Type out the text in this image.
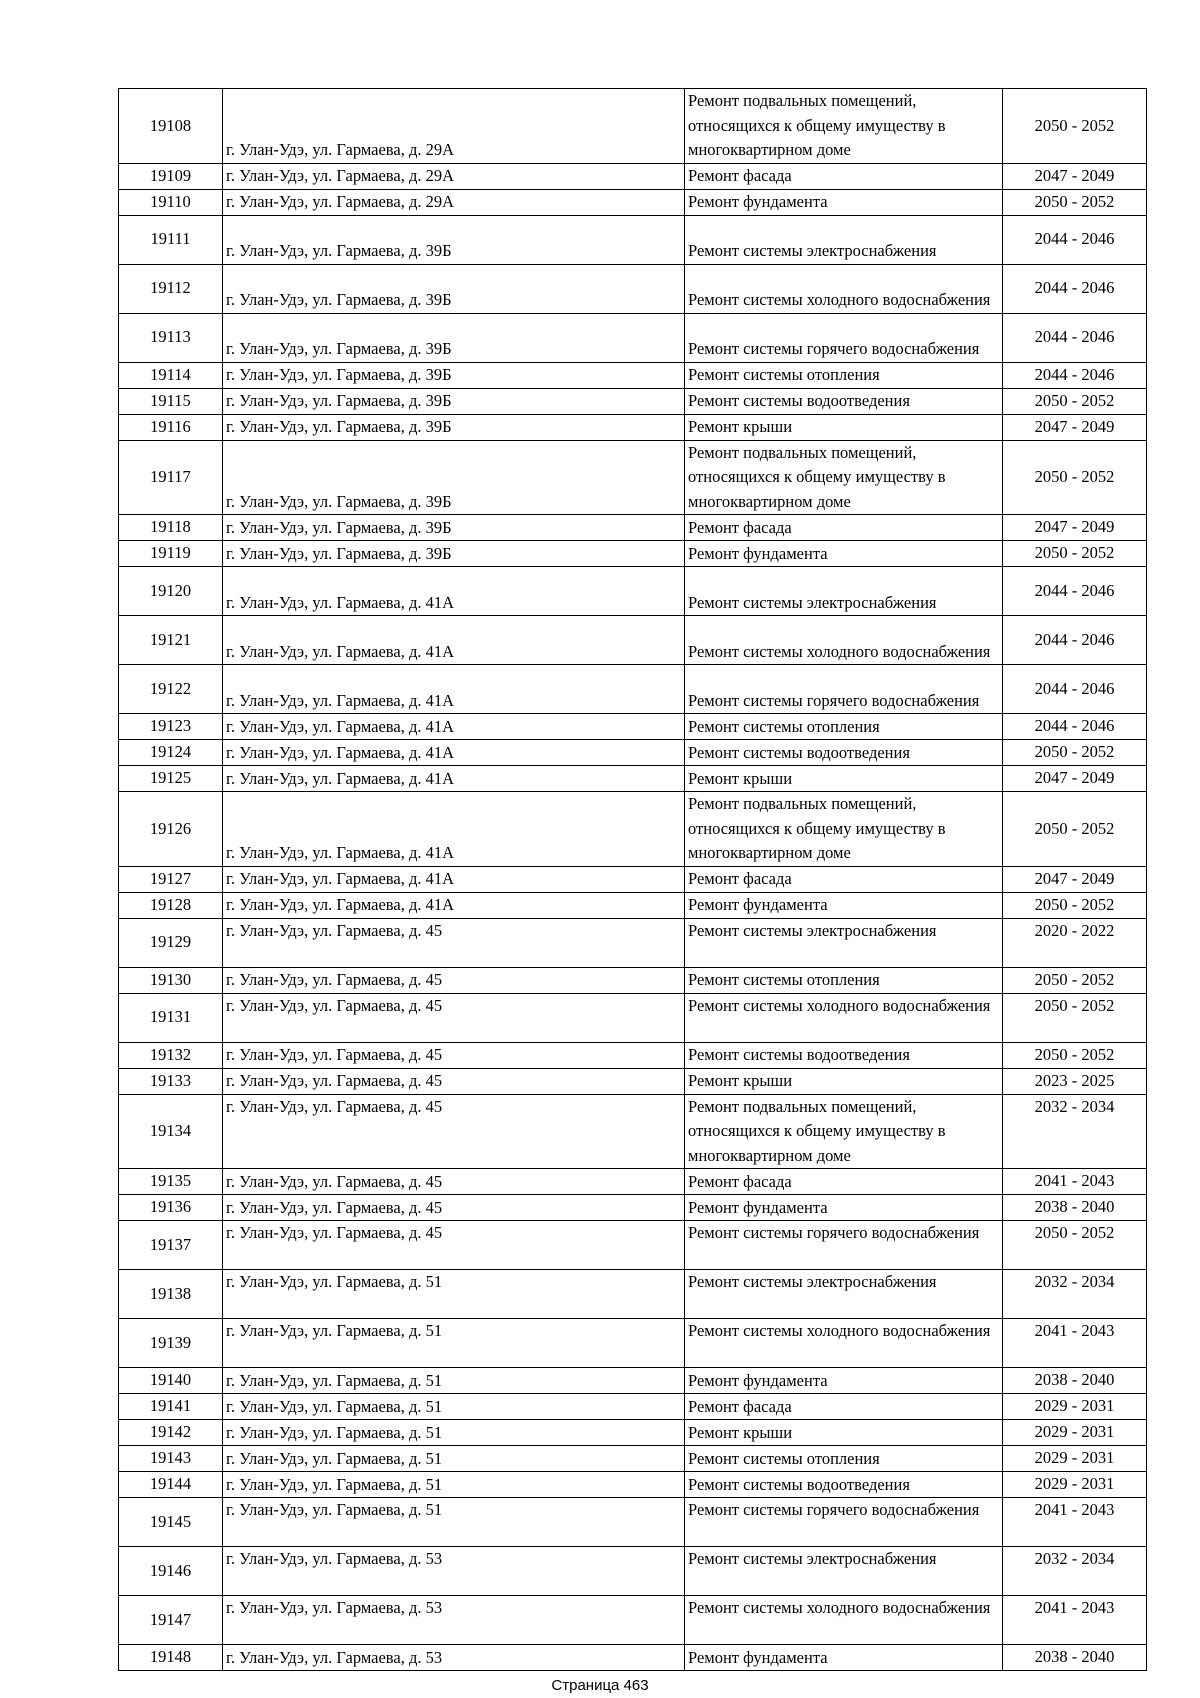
19108	г. Улан-Удэ, ул. Гармаева, д. 29А	Ремонт подвальных помещений, относящихся к общему имуществу в многоквартирном доме	2050 - 2052
19109	г. Улан-Удэ, ул. Гармаева, д. 29А	Ремонт фасада	2047 - 2049
19110	г. Улан-Удэ, ул. Гармаева, д. 29А	Ремонт фундамента	2050 - 2052
19111	г. Улан-Удэ, ул. Гармаева, д. 39Б	Ремонт системы электроснабжения	2044 - 2046
19112	г. Улан-Удэ, ул. Гармаева, д. 39Б	Ремонт системы холодного водоснабжения	2044 - 2046
19113	г. Улан-Удэ, ул. Гармаева, д. 39Б	Ремонт системы горячего водоснабжения	2044 - 2046
19114	г. Улан-Удэ, ул. Гармаева, д. 39Б	Ремонт системы отопления	2044 - 2046
19115	г. Улан-Удэ, ул. Гармаева, д. 39Б	Ремонт системы водоотведения	2050 - 2052
19116	г. Улан-Удэ, ул. Гармаева, д. 39Б	Ремонт крыши	2047 - 2049
19117	г. Улан-Удэ, ул. Гармаева, д. 39Б	Ремонт подвальных помещений, относящихся к общему имуществу в многоквартирном доме	2050 - 2052
19118	г. Улан-Удэ, ул. Гармаева, д. 39Б	Ремонт фасада	2047 - 2049
19119	г. Улан-Удэ, ул. Гармаева, д. 39Б	Ремонт фундамента	2050 - 2052
19120	г. Улан-Удэ, ул. Гармаева, д. 41А	Ремонт системы электроснабжения	2044 - 2046
19121	г. Улан-Удэ, ул. Гармаева, д. 41А	Ремонт системы холодного водоснабжения	2044 - 2046
19122	г. Улан-Удэ, ул. Гармаева, д. 41А	Ремонт системы горячего водоснабжения	2044 - 2046
19123	г. Улан-Удэ, ул. Гармаева, д. 41А	Ремонт системы отопления	2044 - 2046
19124	г. Улан-Удэ, ул. Гармаева, д. 41А	Ремонт системы водоотведения	2050 - 2052
19125	г. Улан-Удэ, ул. Гармаева, д. 41А	Ремонт крыши	2047 - 2049
19126	г. Улан-Удэ, ул. Гармаева, д. 41А	Ремонт подвальных помещений, относящихся к общему имуществу в многоквартирном доме	2050 - 2052
19127	г. Улан-Удэ, ул. Гармаева, д. 41А	Ремонт фасада	2047 - 2049
19128	г. Улан-Удэ, ул. Гармаева, д. 41А	Ремонт фундамента	2050 - 2052
19129	г. Улан-Удэ, ул. Гармаева, д. 45	Ремонт системы электроснабжения	2020 - 2022
19130	г. Улан-Удэ, ул. Гармаева, д. 45	Ремонт системы отопления	2050 - 2052
19131	г. Улан-Удэ, ул. Гармаева, д. 45	Ремонт системы холодного водоснабжения	2050 - 2052
19132	г. Улан-Удэ, ул. Гармаева, д. 45	Ремонт системы водоотведения	2050 - 2052
19133	г. Улан-Удэ, ул. Гармаева, д. 45	Ремонт крыши	2023 - 2025
19134	г. Улан-Удэ, ул. Гармаева, д. 45	Ремонт подвальных помещений, относящихся к общему имуществу в многоквартирном доме	2032 - 2034
19135	г. Улан-Удэ, ул. Гармаева, д. 45	Ремонт фасада	2041 - 2043
19136	г. Улан-Удэ, ул. Гармаева, д. 45	Ремонт фундамента	2038 - 2040
19137	г. Улан-Удэ, ул. Гармаева, д. 45	Ремонт системы горячего водоснабжения	2050 - 2052
19138	г. Улан-Удэ, ул. Гармаева, д. 51	Ремонт системы электроснабжения	2032 - 2034
19139	г. Улан-Удэ, ул. Гармаева, д. 51	Ремонт системы холодного водоснабжения	2041 - 2043
19140	г. Улан-Удэ, ул. Гармаева, д. 51	Ремонт фундамента	2038 - 2040
19141	г. Улан-Удэ, ул. Гармаева, д. 51	Ремонт фасада	2029 - 2031
19142	г. Улан-Удэ, ул. Гармаева, д. 51	Ремонт крыши	2029 - 2031
19143	г. Улан-Удэ, ул. Гармаева, д. 51	Ремонт системы отопления	2029 - 2031
19144	г. Улан-Удэ, ул. Гармаева, д. 51	Ремонт системы водоотведения	2029 - 2031
19145	г. Улан-Удэ, ул. Гармаева, д. 51	Ремонт системы горячего водоснабжения	2041 - 2043
19146	г. Улан-Удэ, ул. Гармаева, д. 53	Ремонт системы электроснабжения	2032 - 2034
19147	г. Улан-Удэ, ул. Гармаева, д. 53	Ремонт системы холодного водоснабжения	2041 - 2043
19148	г. Улан-Удэ, ул. Гармаева, д. 53	Ремонт фундамента	2038 - 2040
Страница 463
